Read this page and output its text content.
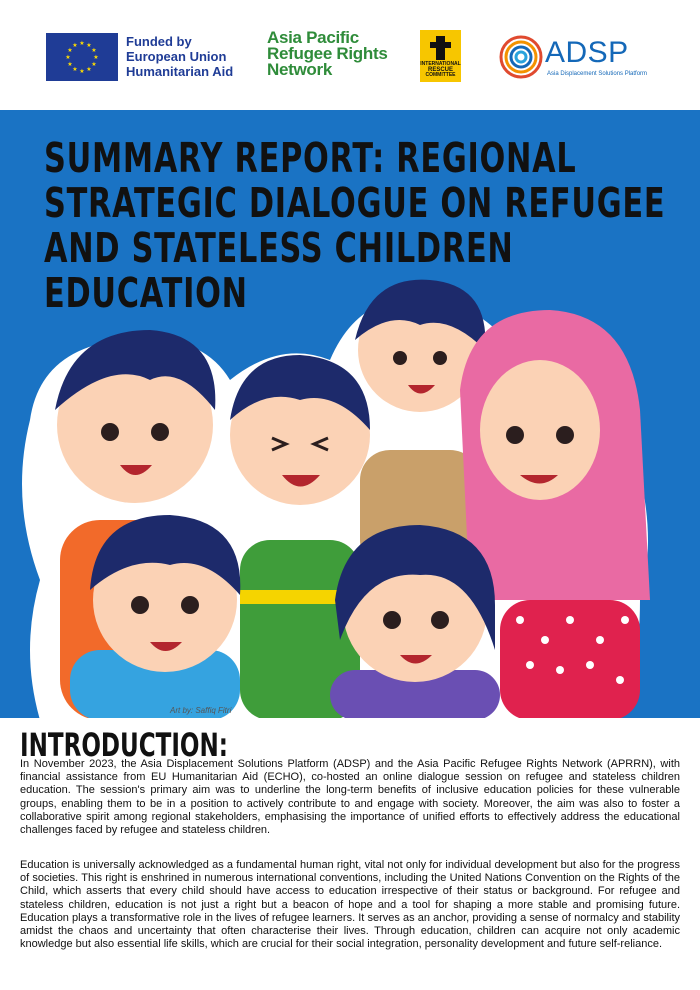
★ ★
★
★
★
★
★
★
★
★
★
★	Funded by
European Union
Humanitarian Aid
Asia Pacific
Refugee Rights
Network	INTERNATIONAL
RESCUE
COMMITTEE
ADSP
Asia Displacement Solutions Platform
SUMMARY REPORT: REGIONAL STRATEGIC DIALOGUE ON REFUGEE AND STATELESS CHILDREN EDUCATION
Art by: Saffiq Fitri
INTRODUCTION:
In November 2023, the Asia Displacement Solutions Platform (ADSP) and the Asia Pacific Refugee Rights Network (APRRN), with financial assistance from EU Humanitarian Aid (ECHO), co-hosted an online dialogue session on refugee and stateless children education. The session's primary aim was to underline the long-term benefits of inclusive education policies for these vulnerable groups, enabling them to be in a position to actively contribute to and engage with society. Moreover, the aim was also to foster a collaborative spirit among regional stakeholders, emphasising the importance of unified efforts to effectively address the educational challenges faced by refugee and stateless children.
Education is universally acknowledged as a fundamental human right, vital not only for individual development but also for the progress of societies. This right is enshrined in numerous international conventions, including the United Nations Convention on the Rights of the Child, which asserts that every child should have access to education irrespective of their status or background. For refugee and stateless children, education is not just a right but a beacon of hope and a tool for shaping a more stable and promising future. Education plays a transformative role in the lives of refugee learners. It serves as an anchor, providing a sense of normalcy and stability amidst the chaos and uncertainty that often characterise their lives. Through education, children can acquire not only academic knowledge but also essential life skills, which are crucial for their social integration, personality development and future self-reliance.
